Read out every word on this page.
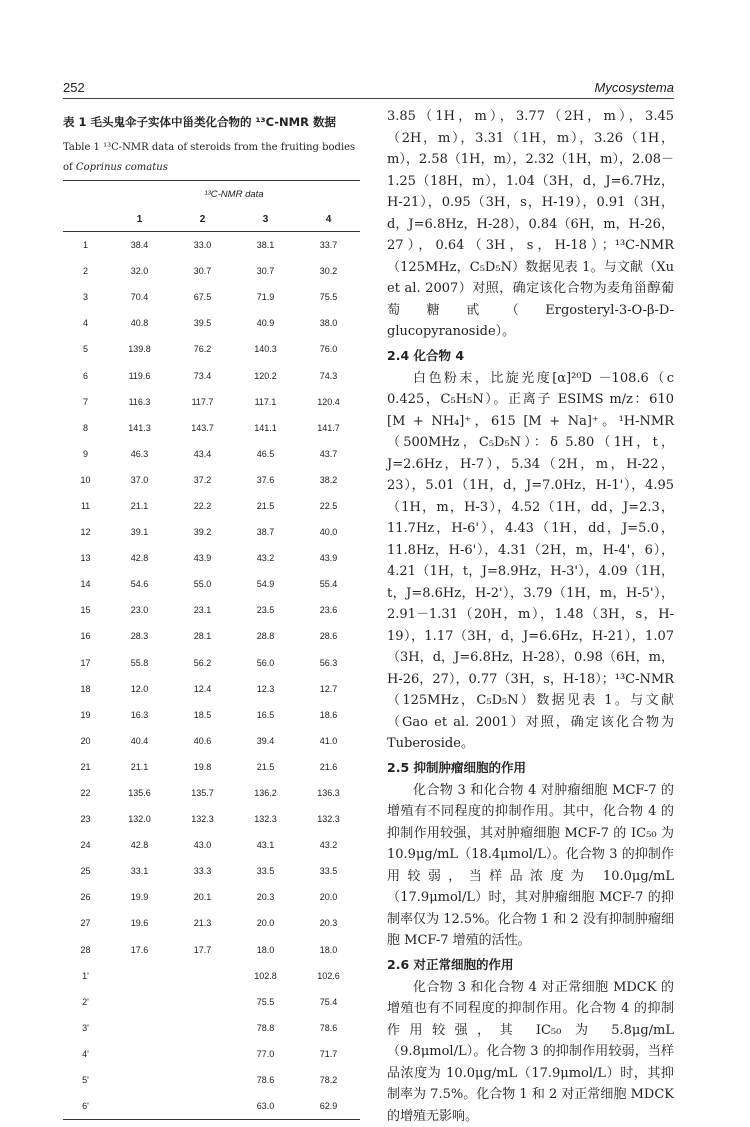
252	Mycosystema
表 1 毛头鬼伞子实体中甾类化合物的 ¹³C-NMR 数据
Table 1 ¹³C-NMR data of steroids from the fruiting bodies of Coprinus comatus
	¹³C-NMR data			
	1	2	3	4
1	38.4	33.0	38.1	33.7
2	32.0	30.7	30.7	30.2
3	70.4	67.5	71.9	75.5
4	40.8	39.5	40.9	38.0
5	139.8	76.2	140.3	76.0
6	119.6	73.4	120.2	74.3
7	116.3	117.7	117.1	120.4
8	141.3	143.7	141.1	141.7
9	46.3	43.4	46.5	43.7
10	37.0	37.2	37.6	38.2
11	21.1	22.2	21.5	22.5
12	39.1	39.2	38.7	40.0
13	42.8	43.9	43.2	43.9
14	54.6	55.0	54.9	55.4
15	23.0	23.1	23.5	23.6
16	28.3	28.1	28.8	28.6
17	55.8	56.2	56.0	56.3
18	12.0	12.4	12.3	12.7
19	16.3	18.5	16.5	18.6
20	40.4	40.6	39.4	41.0
21	21.1	19.8	21.5	21.6
22	135.6	135.7	136.2	136.3
23	132.0	132.3	132.3	132.3
24	42.8	43.0	43.1	43.2
25	33.1	33.3	33.5	33.5
26	19.9	20.1	20.3	20.0
27	19.6	21.3	20.0	20.3
28	17.6	17.7	18.0	18.0
1'			102.8	102.6
2'			75.5	75.4
3'			78.8	78.6
4'			77.0	71.7
5'			78.6	78.2
6'			63.0	62.9

3.85（1H，m），3.77（2H，m），3.45（2H，m），3.31（1H，m），3.26（1H，m），2.58（1H，m），2.32（1H，m），2.08－1.25（18H，m），1.04（3H，d，J=6.7Hz，H-21），0.95（3H，s，H-19），0.91（3H，d，J=6.8Hz，H-28），0.84（6H，m，H-26，27），0.64（3H，s，H-18）；¹³C-NMR（125MHz，C₅D₅N）数据见表 1。与文献（Xu et al. 2007）对照，确定该化合物为麦角甾醇葡萄糖甙（Ergosteryl-3-O-β-D-glucopyranoside）。

2.4 化合物 4

白色粉末，比旋光度[α]²⁰D －108.6（c 0.425，C₅H₅N）。正离子 ESIMS m/z：610 [M + NH₄]⁺，615 [M + Na]⁺。¹H-NMR（500MHz，C₅D₅N）：δ 5.80（1H，t，J=2.6Hz，H-7），5.34（2H，m，H-22，23），5.01（1H，d，J=7.0Hz，H-1'），4.95（1H，m，H-3），4.52（1H，dd，J=2.3，11.7Hz，H-6'），4.43（1H，dd，J=5.0，11.8Hz，H-6'），4.31（2H，m，H-4'，6），4.21（1H，t，J=8.9Hz，H-3'），4.09（1H，t，J=8.6Hz，H-2'），3.79（1H，m，H-5'），2.91－1.31（20H，m），1.48（3H，s，H-19），1.17（3H，d，J=6.6Hz，H-21），1.07（3H，d，J=6.8Hz，H-28），0.98（6H，m，H-26，27），0.77（3H，s，H-18）；¹³C-NMR（125MHz，C₅D₅N）数据见表 1。与文献（Gao et al. 2001）对照，确定该化合物为 Tuberoside。

2.5 抑制肿瘤细胞的作用

化合物 3 和化合物 4 对肿瘤细胞 MCF-7 的增殖有不同程度的抑制作用。其中，化合物 4 的抑制作用较强，其对肿瘤细胞 MCF-7 的 IC₅₀ 为 10.9μg/mL（18.4μmol/L）。化合物 3 的抑制作用较弱，当样品浓度为 10.0μg/mL（17.9μmol/L）时，其对肿瘤细胞 MCF-7 的抑制率仅为 12.5%。化合物 1 和 2 没有抑制肿瘤细胞 MCF-7 增殖的活性。

2.6 对正常细胞的作用

化合物 3 和化合物 4 对正常细胞 MDCK 的增殖也有不同程度的抑制作用。化合物 4 的抑制作用较强，其 IC₅₀ 为 5.8μg/mL（9.8μmol/L）。化合物 3 的抑制作用较弱，当样品浓度为 10.0μg/mL（17.9μmol/L）时，其抑制率为 7.5%。化合物 1 和 2 对正常细胞 MDCK 的增殖无影响。
